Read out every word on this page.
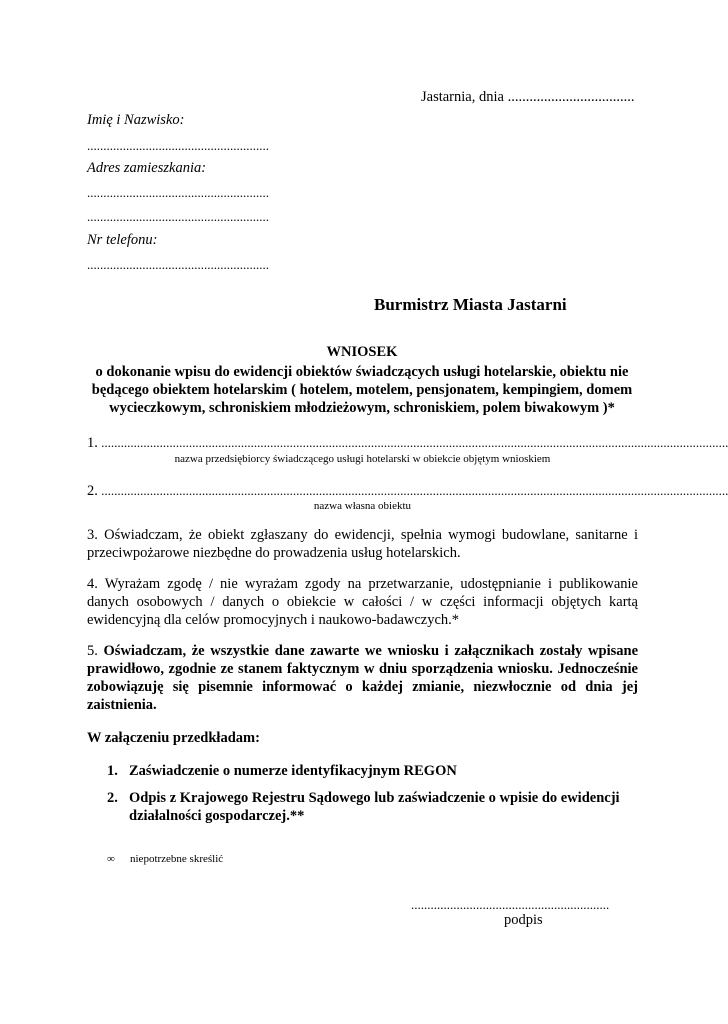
Jastarnia, dnia ...................................
Imię i Nazwisko:
........................................................
Adres zamieszkania:
........................................................
........................................................
Nr telefonu:
........................................................
Burmistrz Miasta Jastarni
WNIOSEK
o dokonanie wpisu do ewidencji obiektów świadczących usługi hotelarskie, obiektu nie będącego obiektem hotelarskim ( hotelem, motelem, pensjonatem, kempingiem, domem wycieczkowym, schroniskiem młodzieżowym, schroniskiem, polem biwakowym )*
1. .................................................................................................................................................................................................
nazwa przedsiębiorcy świadczącego usługi hotelarski w obiekcie objętym wnioskiem
2. .................................................................................................................................................................................................
nazwa własna obiektu
3. Oświadczam, że obiekt zgłaszany do ewidencji, spełnia wymogi budowlane, sanitarne i przeciwpożarowe niezbędne do prowadzenia usług hotelarskich.
4. Wyrażam zgodę / nie wyrażam zgody na przetwarzanie, udostępnianie i publikowanie danych osobowych / danych o obiekcie w całości / w części informacji objętych kartą ewidencyjną dla celów promocyjnych i naukowo-badawczych.*
5. Oświadczam, że wszystkie dane zawarte we wniosku i załącznikach zostały wpisane prawidłowo, zgodnie ze stanem faktycznym w dniu sporządzenia wniosku. Jednocześnie zobowiązuję się pisemnie informować o każdej zmianie, niezwłocznie od dnia jej zaistnienia.
W załączeniu przedkładam:
1. Zaświadczenie o numerze identyfikacyjnym REGON
2. Odpis z Krajowego Rejestru Sądowego lub zaświadczenie o wpisie do ewidencji działalności gospodarczej.**
∞ niepotrzebne skreślić
.............................................................
podpis
